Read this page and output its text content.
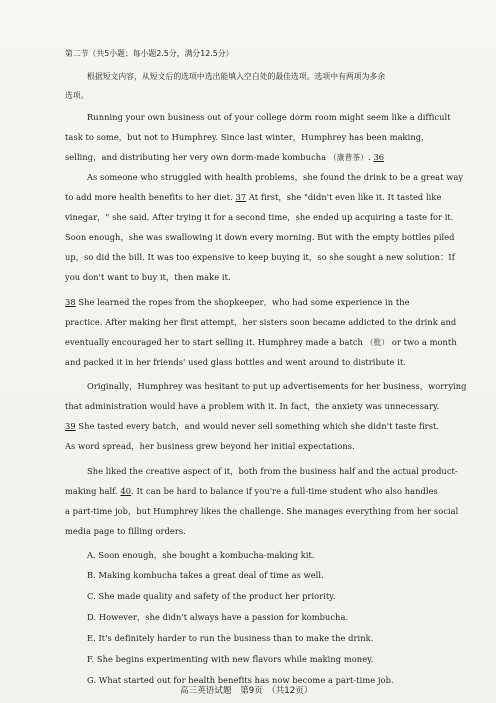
第二节（共5小题；每小题2.5分，满分12.5分）
根据短文内容，从短文后的选项中选出能填入空白处的最佳选项。选项中有两项为多余
选项。
Running your own business out of your college dorm room might seem like a difficult
task to some，but not to Humphrey. Since last winter，Humphrey has been making，
selling，and distributing her very own dorm-made kombucha （康普茶）. 36
As someone who struggled with health problems，she found the drink to be a great way
to add more health benefits to her diet. 37 At first，she "didn't even like it. It tasted like
vinegar，" she said. After trying it for a second time，she ended up acquiring a taste for it.
Soon enough，she was swallowing it down every morning. But with the empty bottles piled
up，so did the bill. It was too expensive to keep buying it，so she sought a new solution：If
you don't want to buy it，then make it.
38 She learned the ropes from the shopkeeper，who had some experience in the
practice. After making her first attempt，her sisters soon became addicted to the drink and
eventually encouraged her to start selling it. Humphrey made a batch （批） or two a month
and packed it in her friends' used glass bottles and went around to distribute it.
Originally，Humphrey was hesitant to put up advertisements for her business，worrying
that administration would have a problem with it. In fact，the anxiety was unnecessary.
39 She tasted every batch，and would never sell something which she didn't taste first.
As word spread，her business grew beyond her initial expectations.
She liked the creative aspect of it，both from the business half and the actual product-
making half. 40. It can be hard to balance if you're a full-time student who also handles
a part-time job，but Humphrey likes the challenge. She manages everything from her social
media page to filling orders.
A. Soon enough，she bought a kombucha-making kit.
B. Making kombucha takes a great deal of time as well.
C. She made quality and safety of the product her priority.
D. However，she didn't always have a passion for kombucha.
E. It's definitely harder to run the business than to make the drink.
F. She begins experimenting with new flavors while making money.
G. What started out for health benefits has now become a part-time job.
高三英语试题　第9页　（共12页）
